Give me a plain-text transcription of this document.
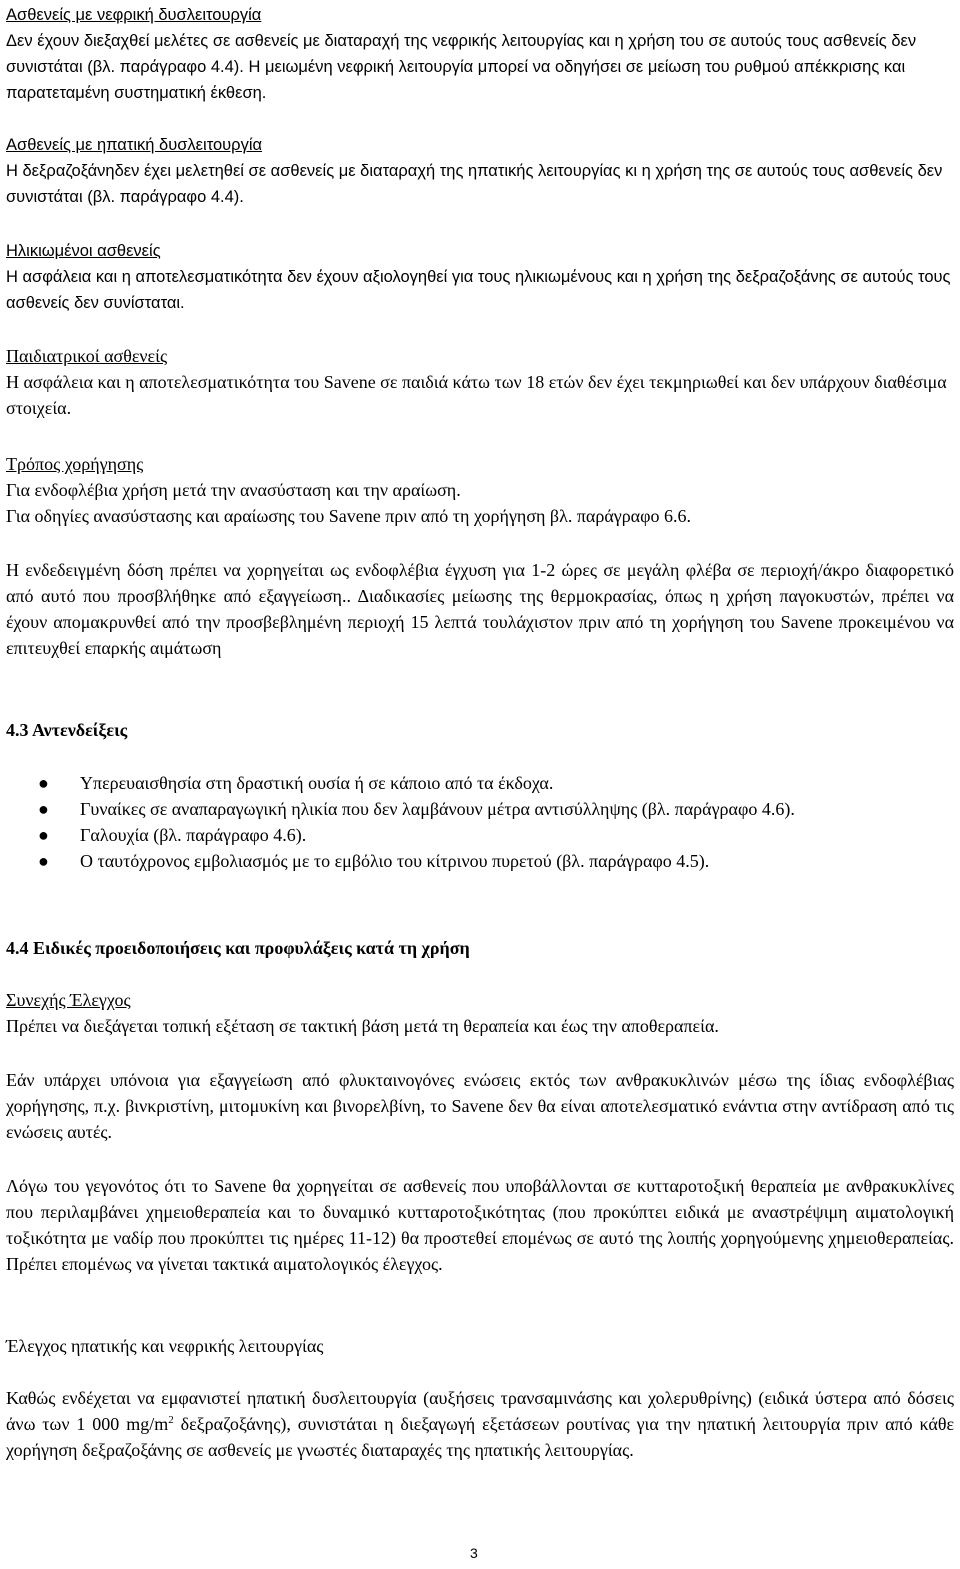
Ασθενείς με νεφρική δυσλειτουργία
Δεν έχουν διεξαχθεί μελέτες σε ασθενείς με διαταραχή της νεφρικής λειτουργίας και η χρήση του σε αυτούς τους ασθενείς δεν συνιστάται (βλ. παράγραφο 4.4). Η μειωμένη νεφρική λειτουργία μπορεί να οδηγήσει σε μείωση του ρυθμού απέκκρισης και παρατεταμένη συστηματική έκθεση.
Ασθενείς με ηπατική δυσλειτουργία
Η δεξραζοξάνηδεν έχει μελετηθεί σε ασθενείς με διαταραχή της ηπατικής λειτουργίας κι η χρήση της σε αυτούς τους ασθενείς δεν συνιστάται (βλ. παράγραφο 4.4).
Ηλικιωμένοι ασθενείς
Η ασφάλεια και η αποτελεσματικότητα δεν έχουν αξιολογηθεί για τους ηλικιωμένους και η χρήση της δεξραζοξάνης σε αυτούς τους ασθενείς δεν συνίσταται.
Παιδιατρικοί ασθενείς
Η ασφάλεια και η αποτελεσματικότητα του Savene σε παιδιά κάτω των 18 ετών δεν έχει τεκμηριωθεί και δεν υπάρχουν διαθέσιμα στοιχεία.
Τρόπος χορήγησης
Για ενδοφλέβια χρήση μετά την ανασύσταση και την αραίωση.
Για οδηγίες ανασύστασης και αραίωσης του Savene πριν από τη χορήγηση βλ. παράγραφο 6.6.
Η ενδεδειγμένη δόση πρέπει να χορηγείται ως ενδοφλέβια έγχυση για 1-2 ώρες σε μεγάλη φλέβα σε περιοχή/άκρο διαφορετικό από αυτό που προσβλήθηκε από εξαγγείωση.. Διαδικασίες μείωσης της θερμοκρασίας, όπως η χρήση παγοκυστών, πρέπει να έχουν απομακρυνθεί από την προσβεβλημένη περιοχή 15 λεπτά τουλάχιστον πριν από τη χορήγηση του Savene προκειμένου να επιτευχθεί επαρκής αιμάτωση
4.3 Αντενδείξεις
● Υπερευαισθησία στη δραστική ουσία ή σε κάποιο από τα έκδοχα.
● Γυναίκες σε αναπαραγωγική ηλικία που δεν λαμβάνουν μέτρα αντισύλληψης (βλ. παράγραφο 4.6).
● Γαλουχία (βλ. παράγραφο 4.6).
● Ο ταυτόχρονος εμβολιασμός με το εμβόλιο του κίτρινου πυρετού (βλ. παράγραφο 4.5).
4.4 Ειδικές προειδοποιήσεις και προφυλάξεις κατά τη χρήση
Συνεχής Έλεγχος
Πρέπει να διεξάγεται τοπική εξέταση σε τακτική βάση μετά τη θεραπεία και έως την αποθεραπεία.
Εάν υπάρχει υπόνοια για εξαγγείωση από φλυκταινογόνες ενώσεις εκτός των ανθρακυκλινών μέσω της ίδιας ενδοφλέβιας χορήγησης, π.χ. βινκριστίνη, μιτομυκίνη και βινορελβίνη, το Savene δεν θα είναι αποτελεσματικό ενάντια στην αντίδραση από τις ενώσεις αυτές.
Λόγω του γεγονότος ότι το Savene θα χορηγείται σε ασθενείς που υποβάλλονται σε κυτταροτοξική θεραπεία με ανθρακυκλίνες που περιλαμβάνει χημειοθεραπεία και το δυναμικό κυτταροτοξικότητας (που προκύπτει ειδικά με αναστρέψιμη αιματολογική τοξικότητα με ναδίρ που προκύπτει τις ημέρες 11-12) θα προστεθεί επομένως σε αυτό της λοιπής χορηγούμενης χημειοθεραπείας. Πρέπει επομένως να γίνεται τακτικά αιματολογικός έλεγχος.
Έλεγχος ηπατικής και νεφρικής λειτουργίας
Καθώς ενδέχεται να εμφανιστεί ηπατική δυσλειτουργία (αυξήσεις τρανσαμινάσης και χολερυθρίνης) (ειδικά ύστερα από δόσεις άνω των 1 000 $mg/m^2$ δεξραζοξάνης), συνιστάται η διεξαγωγή εξετάσεων ρουτίνας για την ηπατική λειτουργία πριν από κάθε χορήγηση δεξραζοξάνης σε ασθενείς με γνωστές διαταραχές της ηπατικής λειτουργίας.
3
